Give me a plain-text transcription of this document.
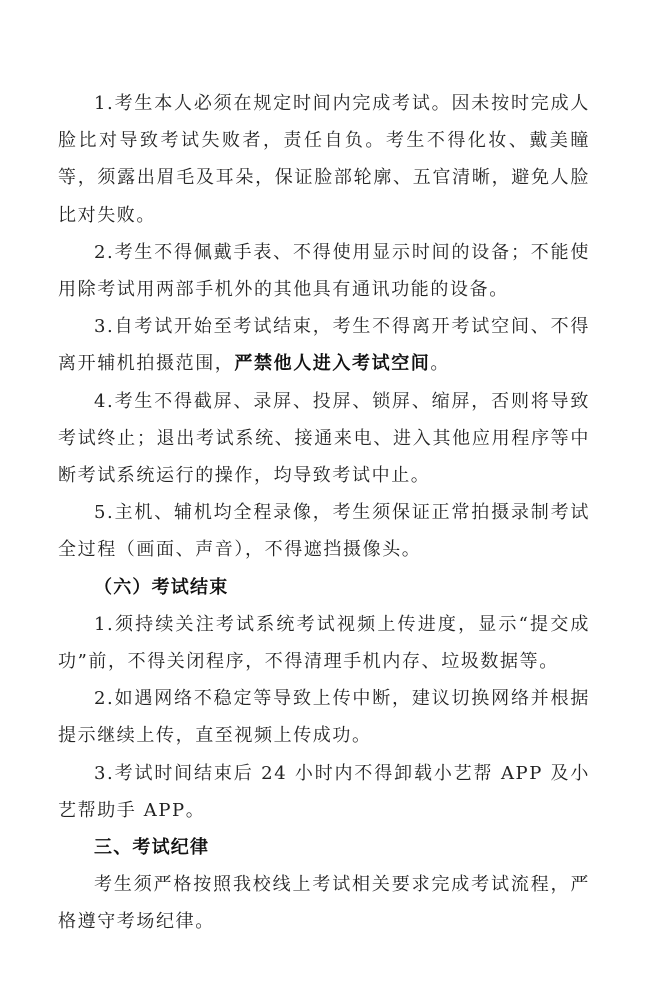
1.考生本人必须在规定时间内完成考试。因未按时完成人脸比对导致考试失败者，责任自负。考生不得化妆、戴美瞳等，须露出眉毛及耳朵，保证脸部轮廓、五官清晰，避免人脸比对失败。

2.考生不得佩戴手表、不得使用显示时间的设备；不能使用除考试用两部手机外的其他具有通讯功能的设备。

3.自考试开始至考试结束，考生不得离开考试空间、不得离开辅机拍摄范围，严禁他人进入考试空间。

4.考生不得截屏、录屏、投屏、锁屏、缩屏，否则将导致考试终止；退出考试系统、接通来电、进入其他应用程序等中断考试系统运行的操作，均导致考试中止。

5.主机、辅机均全程录像，考生须保证正常拍摄录制考试全过程（画面、声音），不得遮挡摄像头。

（六）考试结束

1.须持续关注考试系统考试视频上传进度，显示“提交成功”前，不得关闭程序，不得清理手机内存、垃圾数据等。

2.如遇网络不稳定等导致上传中断，建议切换网络并根据提示继续上传，直至视频上传成功。

3.考试时间结束后 24 小时内不得卸载小艺帮 APP 及小艺帮助手 APP。

三、考试纪律

考生须严格按照我校线上考试相关要求完成考试流程，严格遵守考场纪律。
